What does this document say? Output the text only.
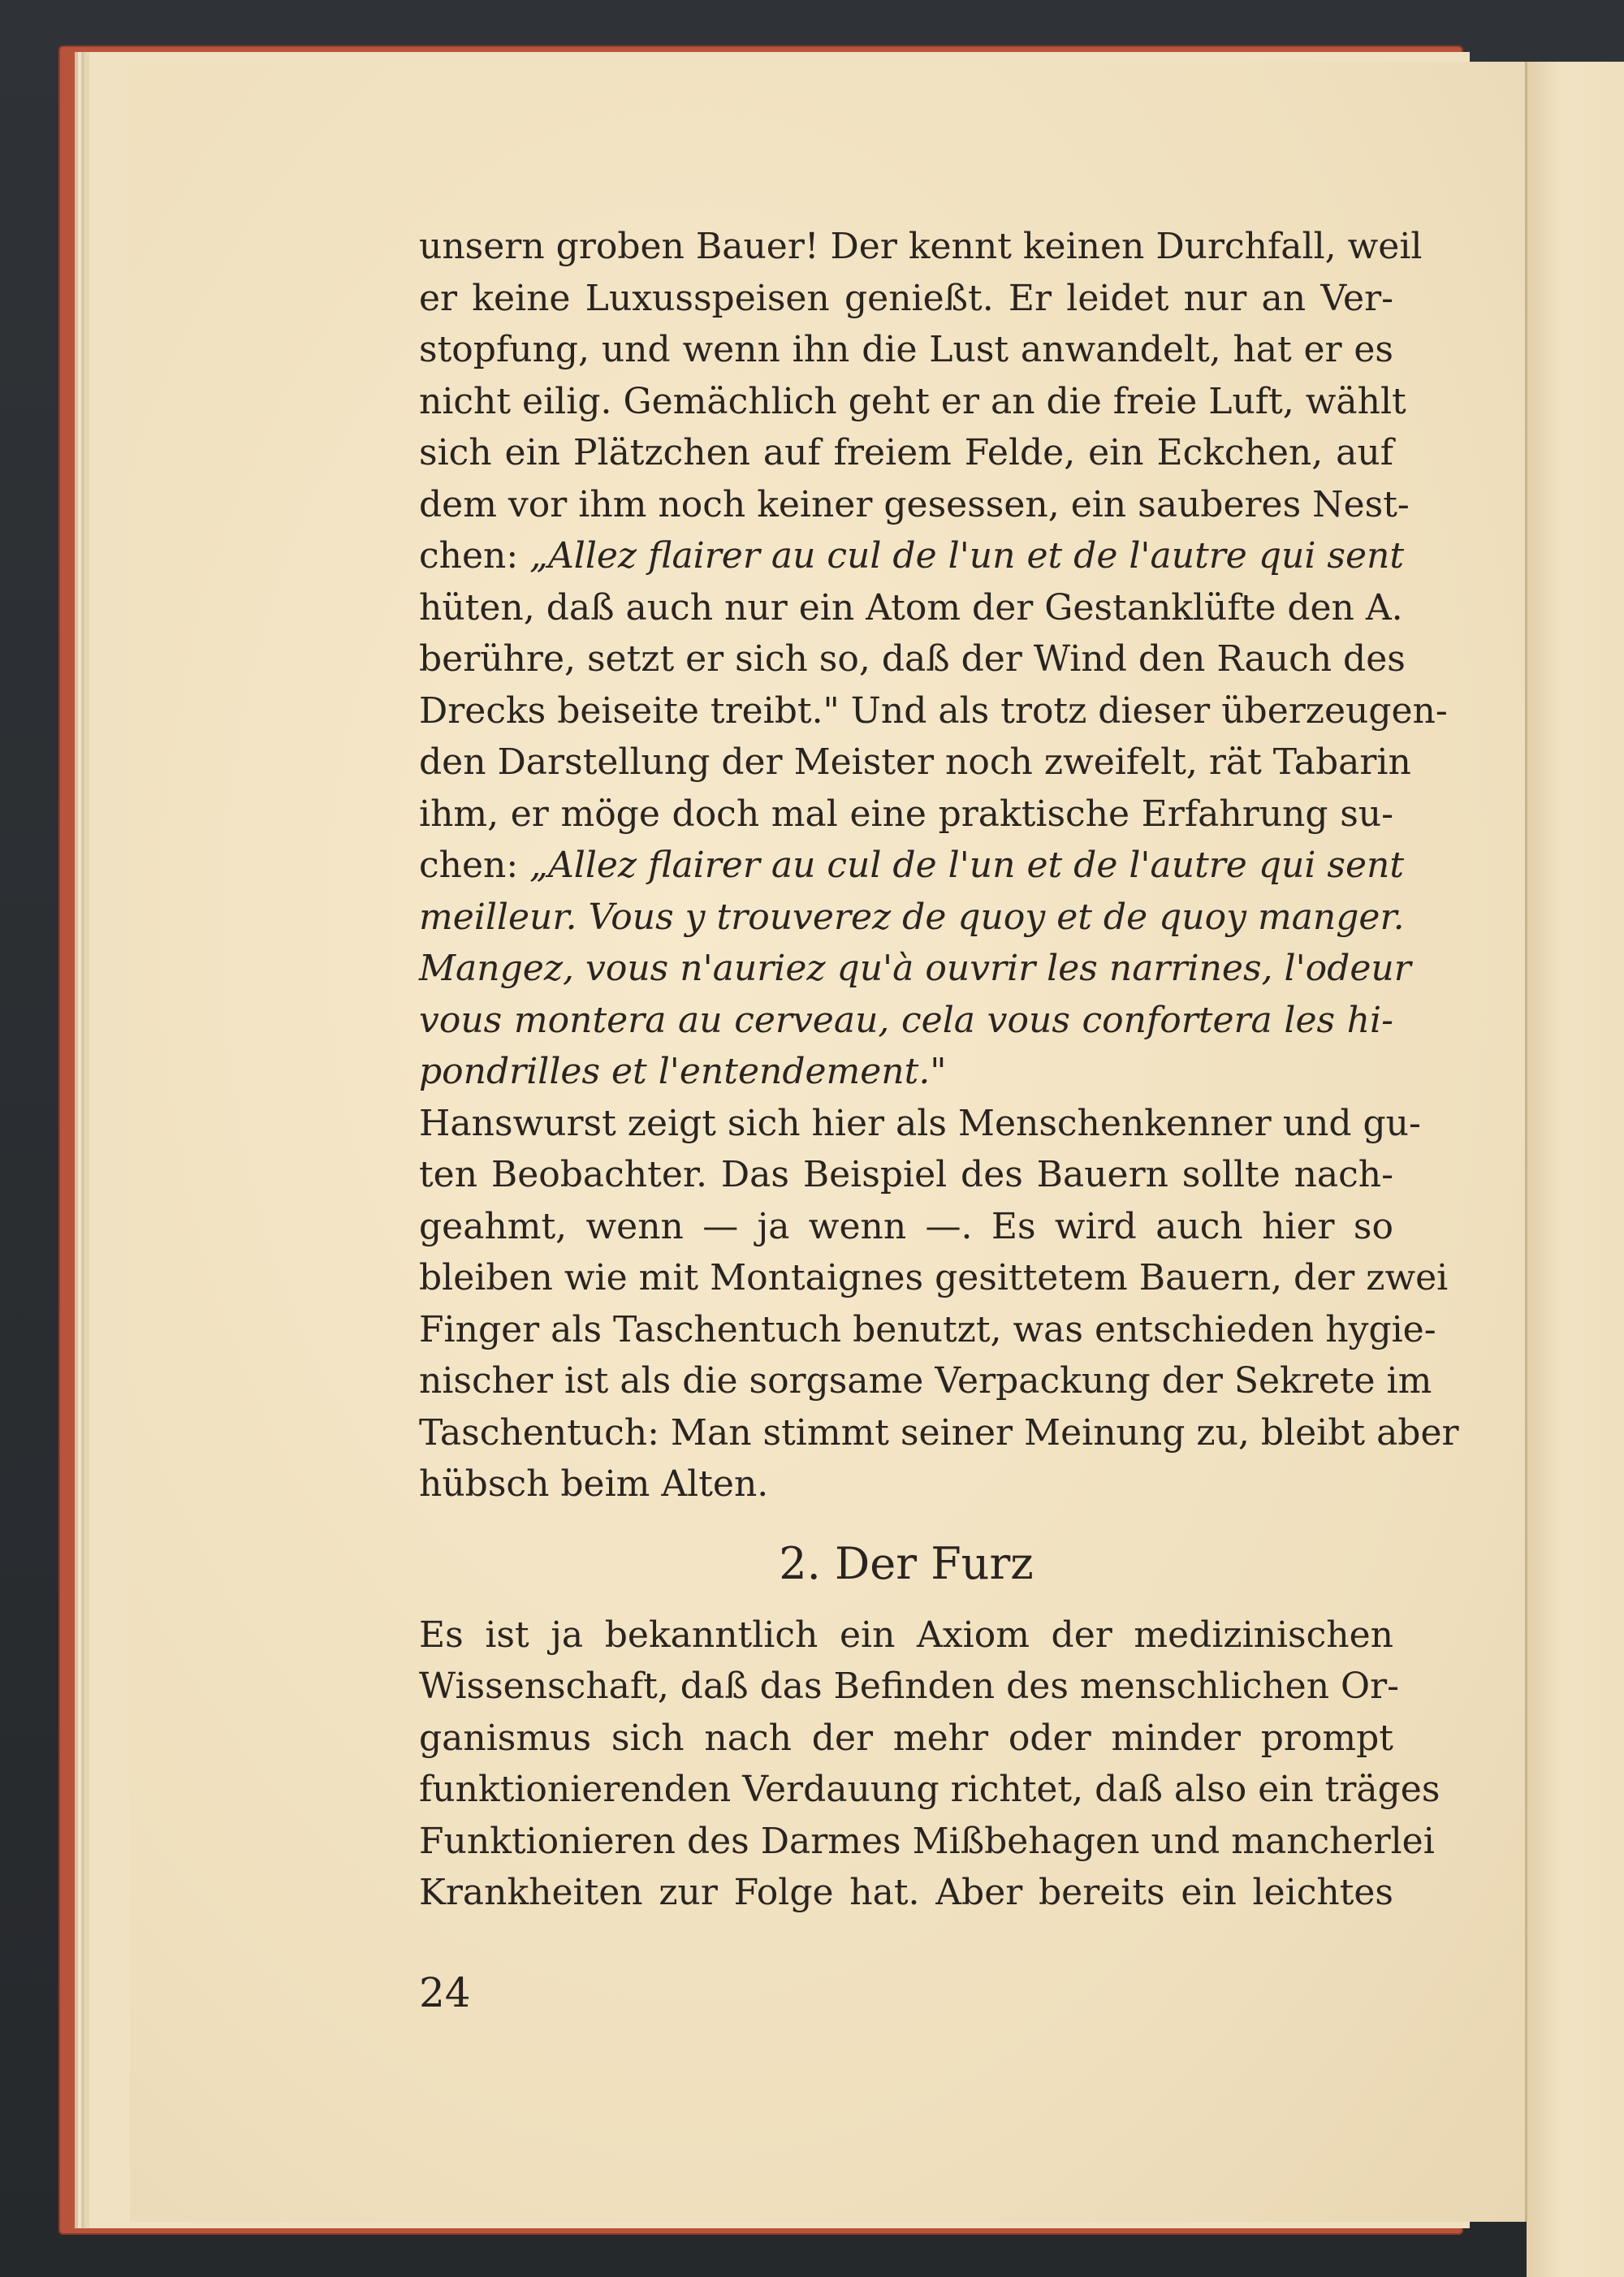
unsern groben Bauer! Der kennt keinen Durchfall, weil
er keine Luxusspeisen genießt. Er leidet nur an Ver-
stopfung, und wenn ihn die Lust anwandelt, hat er es
nicht eilig. Gemächlich geht er an die freie Luft, wählt
sich ein Plätzchen auf freiem Felde, ein Eckchen, auf
dem vor ihm noch keiner gesessen, ein sauberes Nest-
chen: „Allez flairer au cul de l'un et de l'autre qui sent
hüten, daß auch nur ein Atom der Gestanklüfte den A.
berühre, setzt er sich so, daß der Wind den Rauch des
Drecks beiseite treibt." Und als trotz dieser überzeugen-
den Darstellung der Meister noch zweifelt, rät Tabarin
ihm, er möge doch mal eine praktische Erfahrung su-
chen: „Allez flairer au cul de l'un et de l'autre qui sent
meilleur. Vous y trouverez de quoy et de quoy manger.
Mangez, vous n'auriez qu'à ouvrir les narrines, l'odeur
vous montera au cerveau, cela vous confortera les hi-
pondrilles et l'entendement."
Hanswurst zeigt sich hier als Menschenkenner und gu-
ten Beobachter. Das Beispiel des Bauern sollte nach-
geahmt, wenn — ja wenn —. Es wird auch hier so
bleiben wie mit Montaignes gesittetem Bauern, der zwei
Finger als Taschentuch benutzt, was entschieden hygie-
nischer ist als die sorgsame Verpackung der Sekrete im
Taschentuch: Man stimmt seiner Meinung zu, bleibt aber
hübsch beim Alten.
2. Der Furz
Es ist ja bekanntlich ein Axiom der medizinischen
Wissenschaft, daß das Befinden des menschlichen Or-
ganismus sich nach der mehr oder minder prompt
funktionierenden Verdauung richtet, daß also ein träges
Funktionieren des Darmes Mißbehagen und mancherlei
Krankheiten zur Folge hat. Aber bereits ein leichtes
24
